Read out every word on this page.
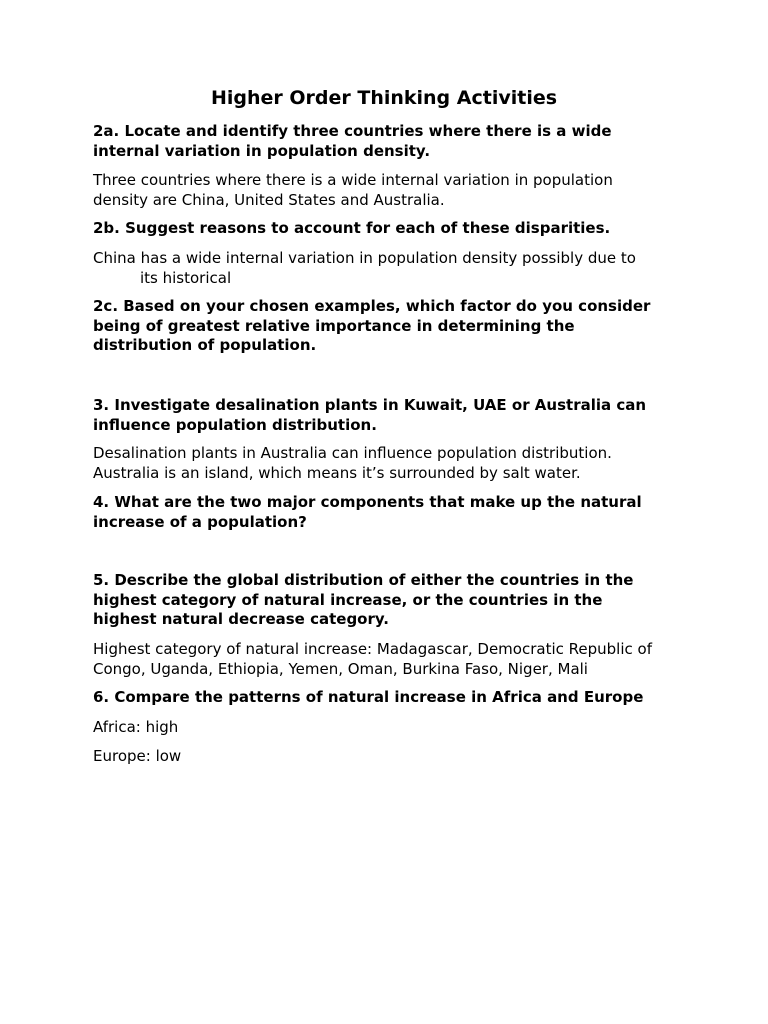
Higher Order Thinking Activities
2a. Locate and identify three countries where there is a wide
internal variation in population density.
Three countries where there is a wide internal variation in population
density are China, United States and Australia.
2b. Suggest reasons to account for each of these disparities.
China has a wide internal variation in population density possibly due to
its historical
2c. Based on your chosen examples, which factor do you consider
being of greatest relative importance in determining the
distribution of population.
3. Investigate desalination plants in Kuwait, UAE or Australia can
influence population distribution.
Desalination plants in Australia can influence population distribution.
Australia is an island, which means it’s surrounded by salt water.
4. What are the two major components that make up the natural
increase of a population?
5. Describe the global distribution of either the countries in the
highest category of natural increase, or the countries in the
highest natural decrease category.
Highest category of natural increase: Madagascar, Democratic Republic of
Congo, Uganda, Ethiopia, Yemen, Oman, Burkina Faso, Niger, Mali
6. Compare the patterns of natural increase in Africa and Europe
Africa: high
Europe: low
